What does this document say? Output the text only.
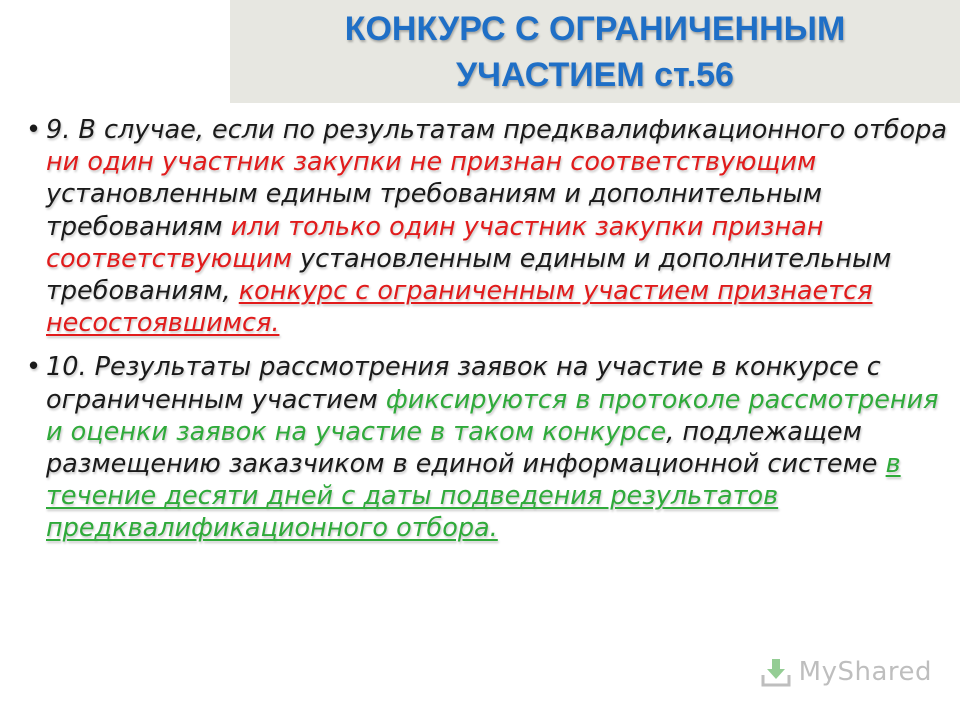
КОНКУРС С ОГРАНИЧЕННЫМ
УЧАСТИЕМ ст.56
• 9. В случае, если по результатам предквалификационного отбора ни один участник закупки не признан соответствующим установленным единым требованиям и дополнительным требованиям или только один участник закупки признан соответствующим установленным единым и дополнительным требованиям, конкурс с ограниченным участием признается несостоявшимся.
• 10. Результаты рассмотрения заявок на участие в конкурсе с ограниченным участием фиксируются в протоколе рассмотрения и оценки заявок на участие в таком конкурсе, подлежащем размещению заказчиком в единой информационной системе в течение десяти дней с даты подведения результатов предквалификационного отбора.
MyShared
